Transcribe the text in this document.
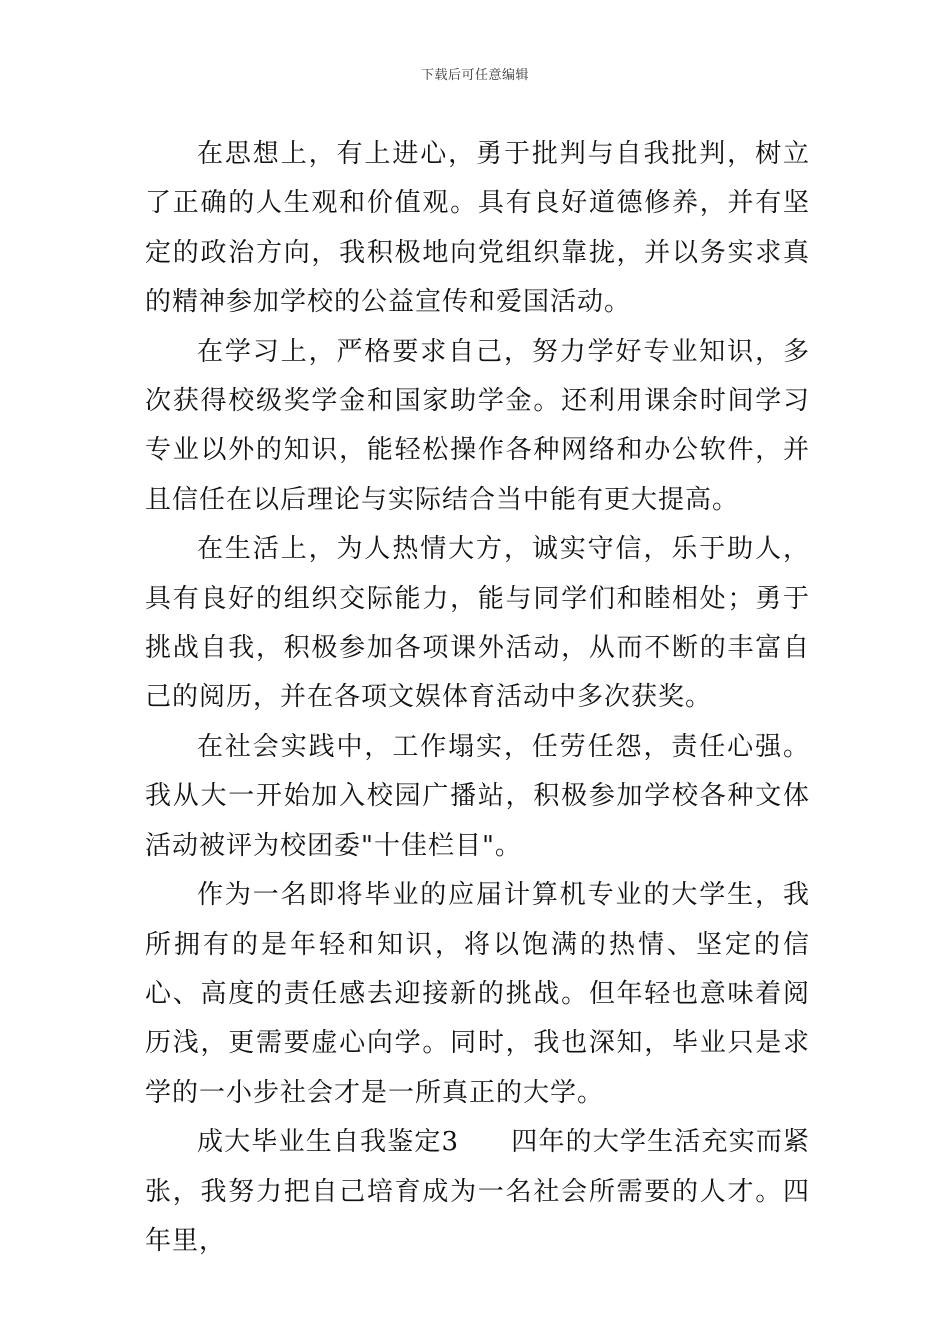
下载后可任意编辑

在思想上，有上进心，勇于批判与自我批判，树立了正确的人生观和价值观。具有良好道德修养，并有坚定的政治方向，我积极地向党组织靠拢，并以务实求真的精神参加学校的公益宣传和爱国活动。

在学习上，严格要求自己，努力学好专业知识，多次获得校级奖学金和国家助学金。还利用课余时间学习专业以外的知识，能轻松操作各种网络和办公软件，并且信任在以后理论与实际结合当中能有更大提高。

在生活上，为人热情大方，诚实守信，乐于助人，具有良好的组织交际能力，能与同学们和睦相处；勇于挑战自我，积极参加各项课外活动，从而不断的丰富自己的阅历，并在各项文娱体育活动中多次获奖。

在社会实践中，工作塌实，任劳任怨，责任心强。我从大一开始加入校园广播站，积极参加学校各种文体活动被评为校团委"十佳栏目"。

作为一名即将毕业的应届计算机专业的大学生，我所拥有的是年轻和知识，将以饱满的热情、坚定的信心、高度的责任感去迎接新的挑战。但年轻也意味着阅历浅，更需要虚心向学。同时，我也深知，毕业只是求学的一小步社会才是一所真正的大学。

成大毕业生自我鉴定3 四年的大学生活充实而紧张，我努力把自己培育成为一名社会所需要的人才。四年里，
